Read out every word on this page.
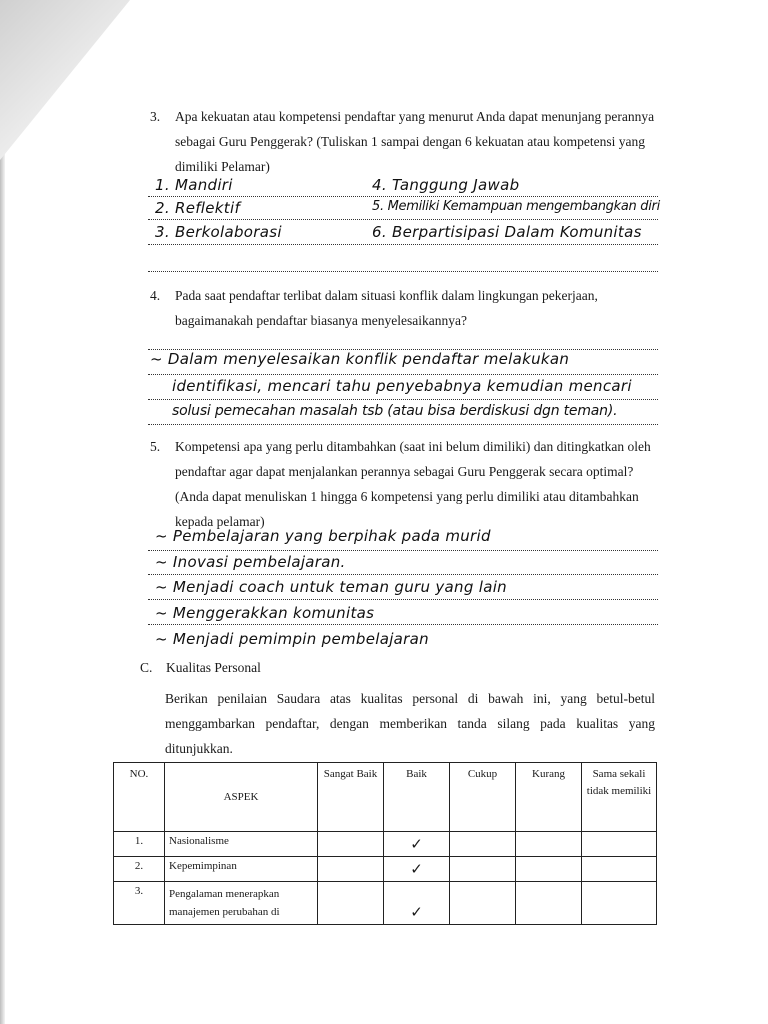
3. Apa kekuatan atau kompetensi pendaftar yang menurut Anda dapat menunjang perannya sebagai Guru Penggerak? (Tuliskan 1 sampai dengan 6 kekuatan atau kompetensi yang dimiliki Pelamar)
1. Mandiri
2. Reflektif
3. Berkolaborasi
4. Tanggung Jawab
5. Memiliki Kemampuan mengembangkan diri
6. Berpartisipasi Dalam Komunitas
4. Pada saat pendaftar terlibat dalam situasi konflik dalam lingkungan pekerjaan, bagaimanakah pendaftar biasanya menyelesaikannya?
~ Dalam menyelesaikan konflik pendaftar melakukan
identifikasi, mencari tahu penyebabnya kemudian mencari
solusi pemecahan masalah tsb (atau bisa berdiskusi dgn teman).
5. Kompetensi apa yang perlu ditambahkan (saat ini belum dimiliki) dan ditingkatkan oleh pendaftar agar dapat menjalankan perannya sebagai Guru Penggerak secara optimal? (Anda dapat menuliskan 1 hingga 6 kompetensi yang perlu dimiliki atau ditambahkan kepada pelamar)
~ Pembelajaran yang berpihak pada murid
~ Inovasi pembelajaran.
~ Menjadi coach untuk teman guru yang lain
~ Menggerakkan komunitas
~ Menjadi pemimpin pembelajaran
C. Kualitas Personal
Berikan penilaian Saudara atas kualitas personal di bawah ini, yang betul-betul menggambarkan pendaftar, dengan memberikan tanda silang pada kualitas yang ditunjukkan.
NO.	ASPEK	Sangat Baik	Baik	Cukup	Kurang	Sama sekali tidak memiliki
1.	Nasionalisme		✓			
2.	Kepemimpinan		✓			
3.	Pengalaman menerapkan manajemen perubahan di		✓			
